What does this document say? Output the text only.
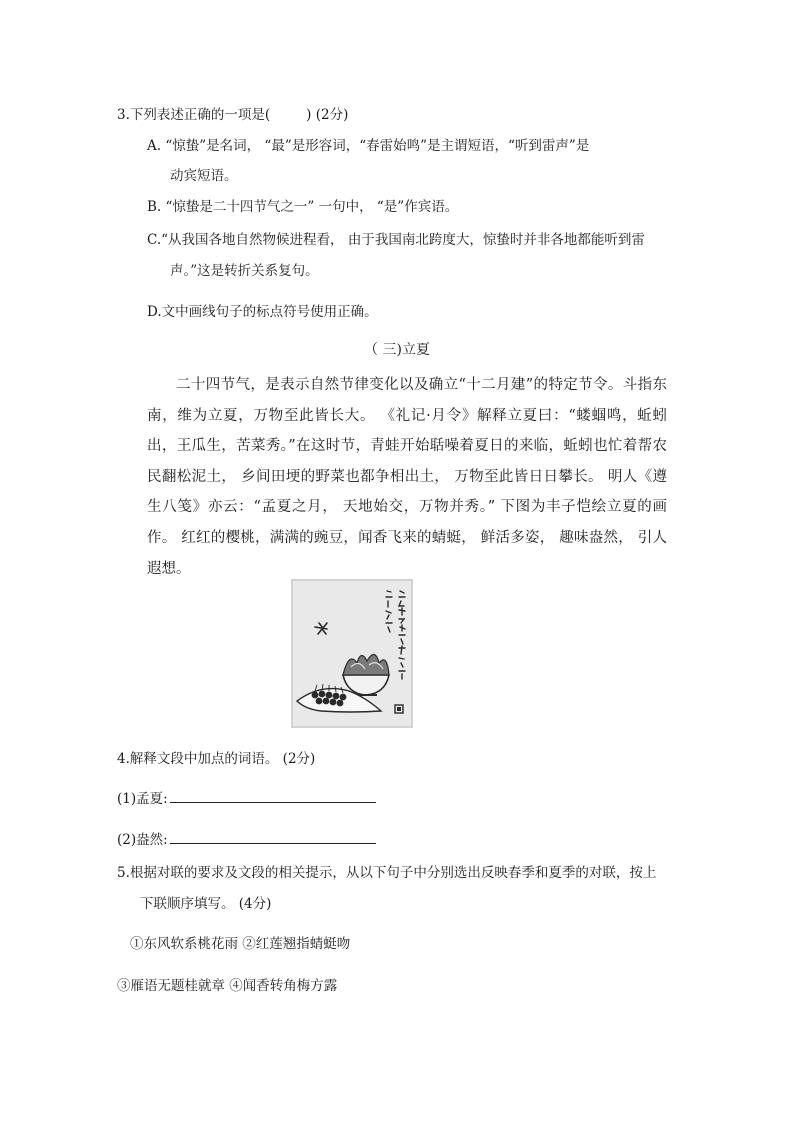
3.下列表述正确的一项是(	) (2分)
A. “惊蛰”是名词， “最”是形容词，“春雷始鸣”是主谓短语，“听到雷声”是
动宾短语。
B. “惊蛰是二十四节气之一” 一句中， “是”作宾语。
C.“从我国各地自然物候进程看， 由于我国南北跨度大，惊蛰时并非各地都能听到雷
声。”这是转折关系复句。
D.文中画线句子的标点符号使用正确。
（ 三)立夏
二十四节气，是表示自然节律变化以及确立“十二月建”的特定节令。斗指东南，维为立夏，万物至此皆长大。 《礼记·月令》解释立夏曰：“蝼蝈鸣，蚯蚓出，王瓜生，苦菜秀。”在这时节，青蛙开始聒噪着夏日的来临，蚯蚓也忙着帮农民翻松泥土， 乡间田埂的野菜也都争相出土， 万物至此皆日日攀长。 明人《遵生八笺》亦云：“孟夏之月， 天地始交，万物并秀。” 下图为丰子恺绘立夏的画作。 红红的樱桃，满满的豌豆，闻香飞来的蜻蜓， 鲜活多姿， 趣味盎然， 引人遐想。
4.解释文段中加点的词语。 (2分)
(1)孟夏:
(2)盎然:
5.根据对联的要求及文段的相关提示，从以下句子中分别选出反映春季和夏季的对联，按上
下联顺序填写。 (4分)
①东风软系桃花雨 ②红莲翘指蜻蜓吻
③雁语无题桂就章 ④闻香转角梅方露
